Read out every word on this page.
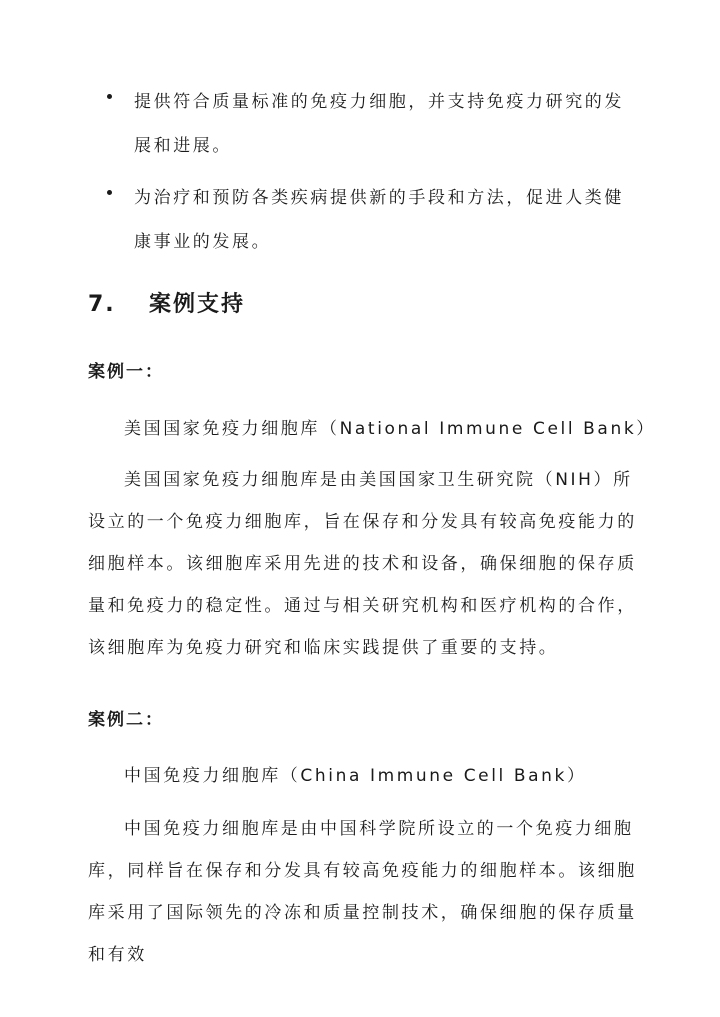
提供符合质量标准的免疫力细胞，并支持免疫力研究的发展和进展。
为治疗和预防各类疾病提供新的手段和方法，促进人类健康事业的发展。
7. 案例支持
案例一：
美国国家免疫力细胞库（National Immune Cell Bank）
美国国家免疫力细胞库是由美国国家卫生研究院（NIH）所设立的一个免疫力细胞库，旨在保存和分发具有较高免疫能力的细胞样本。该细胞库采用先进的技术和设备，确保细胞的保存质量和免疫力的稳定性。通过与相关研究机构和医疗机构的合作，该细胞库为免疫力研究和临床实践提供了重要的支持。
案例二：
中国免疫力细胞库（China Immune Cell Bank）
中国免疫力细胞库是由中国科学院所设立的一个免疫力细胞库，同样旨在保存和分发具有较高免疫能力的细胞样本。该细胞库采用了国际领先的冷冻和质量控制技术，确保细胞的保存质量和有效
